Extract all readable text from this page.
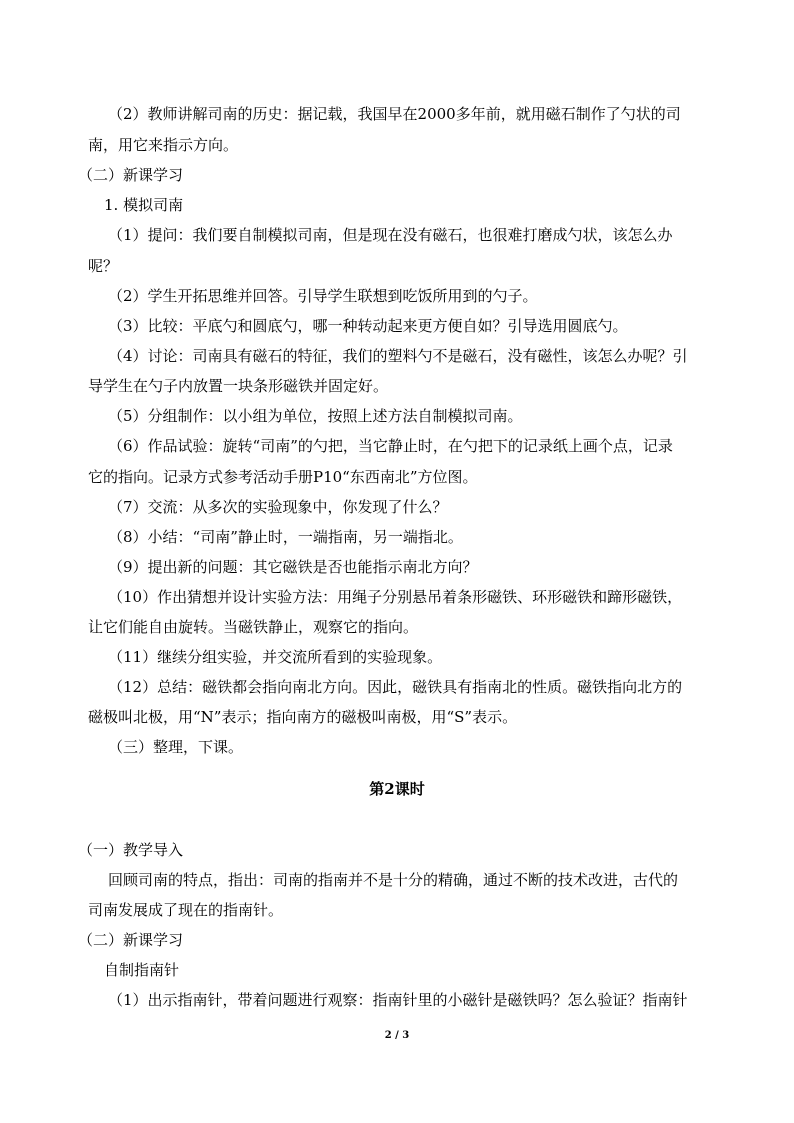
（2）教师讲解司南的历史：据记载，我国早在2000多年前，就用磁石制作了勺状的司
南，用它来指示方向。
（二）新课学习
1. 模拟司南
（1）提问：我们要自制模拟司南，但是现在没有磁石，也很难打磨成勺状，该怎么办
呢？
（2）学生开拓思维并回答。引导学生联想到吃饭所用到的勺子。
（3）比较：平底勺和圆底勺，哪一种转动起来更方便自如？引导选用圆底勺。
（4）讨论：司南具有磁石的特征，我们的塑料勺不是磁石，没有磁性，该怎么办呢？引
导学生在勺子内放置一块条形磁铁并固定好。
（5）分组制作：以小组为单位，按照上述方法自制模拟司南。
（6）作品试验：旋转“司南”的勺把，当它静止时，在勺把下的记录纸上画个点，记录
它的指向。记录方式参考活动手册P10“东西南北”方位图。
（7）交流：从多次的实验现象中，你发现了什么？
（8）小结：“司南”静止时，一端指南，另一端指北。
（9）提出新的问题：其它磁铁是否也能指示南北方向？
（10）作出猜想并设计实验方法：用绳子分别悬吊着条形磁铁、环形磁铁和蹄形磁铁，
让它们能自由旋转。当磁铁静止，观察它的指向。
（11）继续分组实验，并交流所看到的实验现象。
（12）总结：磁铁都会指向南北方向。因此，磁铁具有指南北的性质。磁铁指向北方的
磁极叫北极，用“N”表示；指向南方的磁极叫南极，用“S”表示。
（三）整理，下课。
第2课时
（一）教学导入
回顾司南的特点，指出：司南的指南并不是十分的精确，通过不断的技术改进，古代的
司南发展成了现在的指南针。
（二）新课学习
自制指南针
（1）出示指南针，带着问题进行观察：指南针里的小磁针是磁铁吗？怎么验证？指南针
2 / 3
